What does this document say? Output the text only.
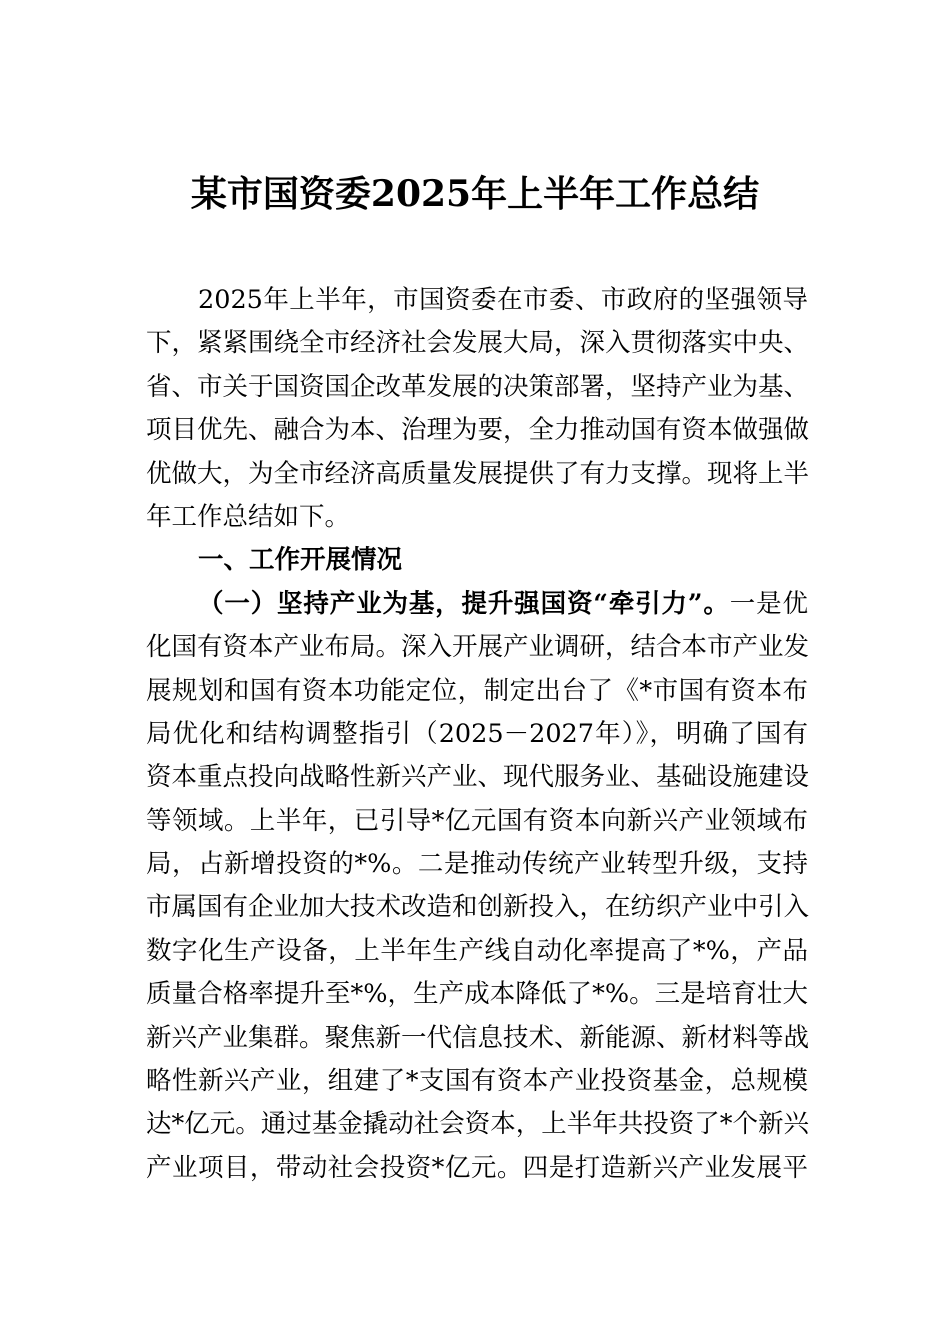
某市国资委2025年上半年工作总结
2025年上半年，市国资委在市委、市政府的坚强领导
下，紧紧围绕全市经济社会发展大局，深入贯彻落实中央、
省、市关于国资国企改革发展的决策部署，坚持产业为基、
项目优先、融合为本、治理为要，全力推动国有资本做强做
优做大，为全市经济高质量发展提供了有力支撑。现将上半
年工作总结如下。
一、工作开展情况
（一）坚持产业为基，提升强国资“牵引力”。一是优
化国有资本产业布局。深入开展产业调研，结合本市产业发
展规划和国有资本功能定位，制定出台了《*市国有资本布
局优化和结构调整指引（2025－2027年）》，明确了国有
资本重点投向战略性新兴产业、现代服务业、基础设施建设
等领域。上半年，已引导*亿元国有资本向新兴产业领域布
局，占新增投资的*%。二是推动传统产业转型升级，支持
市属国有企业加大技术改造和创新投入，在纺织产业中引入
数字化生产设备，上半年生产线自动化率提高了*%，产品
质量合格率提升至*%，生产成本降低了*%。三是培育壮大
新兴产业集群。聚焦新一代信息技术、新能源、新材料等战
略性新兴产业，组建了*支国有资本产业投资基金，总规模
达*亿元。通过基金撬动社会资本，上半年共投资了*个新兴
产业项目，带动社会投资*亿元。四是打造新兴产业发展平
